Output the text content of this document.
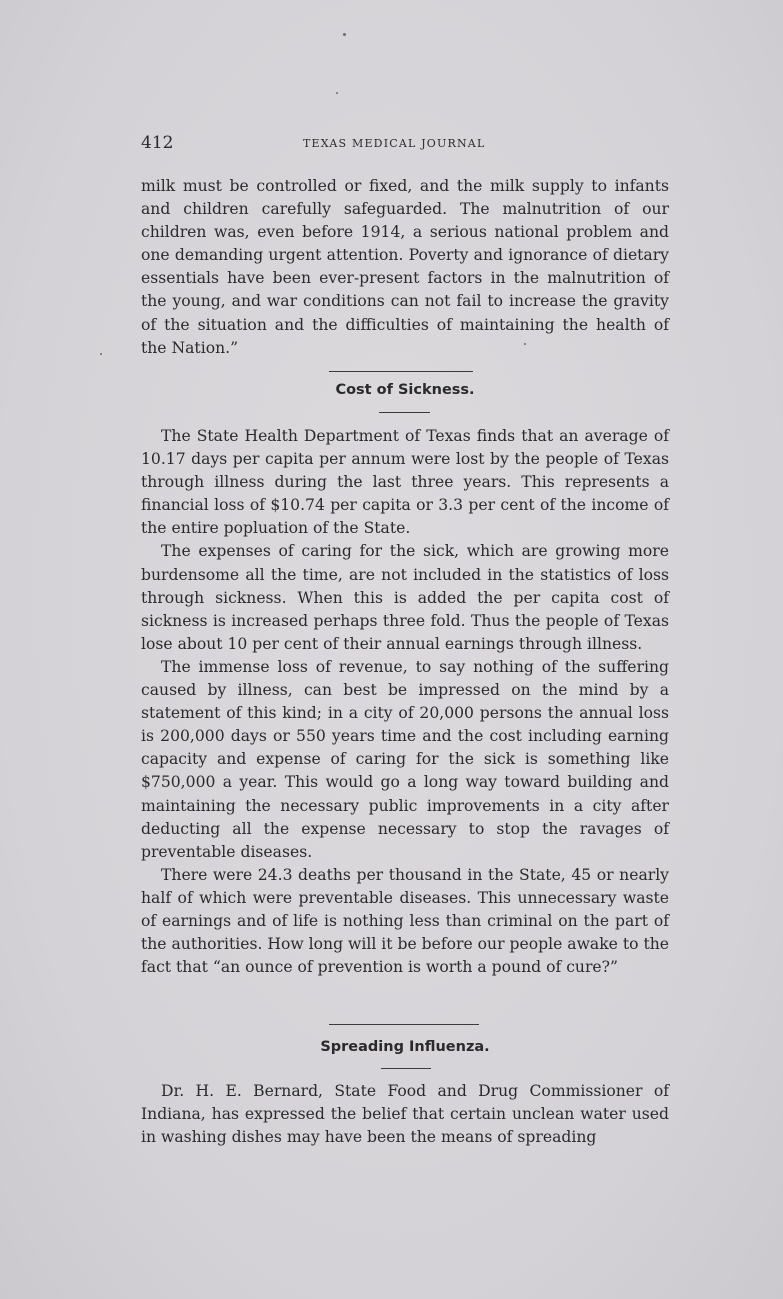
412	TEXAS MEDICAL JOURNAL

milk must be controlled or fixed, and the milk supply to infants and children carefully safeguarded. The malnutrition of our children was, even before 1914, a serious national problem and one demanding urgent attention. Poverty and ignorance of dietary essentials have been ever-present factors in the malnutrition of the young, and war conditions can not fail to increase the gravity of the situation and the difficulties of maintaining the health of the Nation.”

Cost of Sickness.

The State Health Department of Texas finds that an average of 10.17 days per capita per annum were lost by the people of Texas through illness during the last three years. This represents a financial loss of $10.74 per capita or 3.3 per cent of the income of the entire popluation of the State.

The expenses of caring for the sick, which are growing more burdensome all the time, are not included in the statistics of loss through sickness. When this is added the per capita cost of sickness is increased perhaps three fold. Thus the people of Texas lose about 10 per cent of their annual earnings through illness.

The immense loss of revenue, to say nothing of the suffering caused by illness, can best be impressed on the mind by a statement of this kind; in a city of 20,000 persons the annual loss is 200,000 days or 550 years time and the cost including earning capacity and expense of caring for the sick is something like $750,000 a year. This would go a long way toward building and maintaining the necessary public improvements in a city after deducting all the expense necessary to stop the ravages of preventable diseases.

There were 24.3 deaths per thousand in the State, 45 or nearly half of which were preventable diseases. This unnecessary waste of earnings and of life is nothing less than criminal on the part of the authorities. How long will it be before our people awake to the fact that “an ounce of prevention is worth a pound of cure?”

Spreading Influenza.

Dr. H. E. Bernard, State Food and Drug Commissioner of Indiana, has expressed the belief that certain unclean water used in washing dishes may have been the means of spreading
